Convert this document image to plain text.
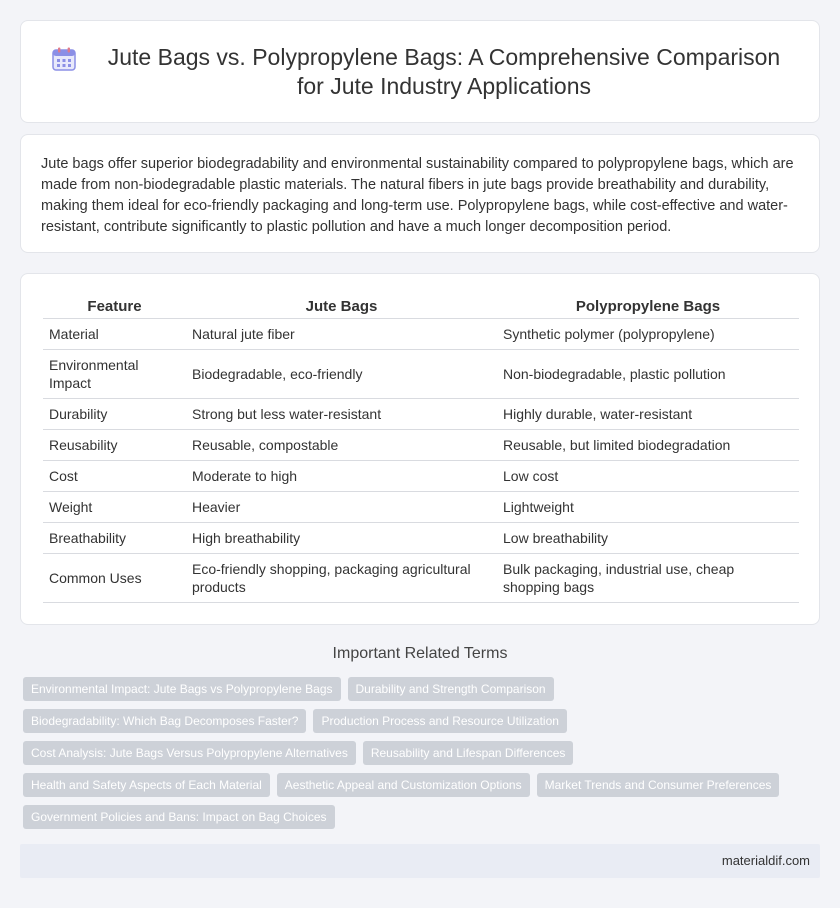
Jute Bags vs. Polypropylene Bags: A Comprehensive Comparison for Jute Industry Applications

Jute bags offer superior biodegradability and environmental sustainability compared to polypropylene bags, which are made from non-biodegradable plastic materials. The natural fibers in jute bags provide breathability and durability, making them ideal for eco-friendly packaging and long-term use. Polypropylene bags, while cost-effective and water-resistant, contribute significantly to plastic pollution and have a much longer decomposition period.

Feature	Jute Bags	Polypropylene Bags
Material	Natural jute fiber	Synthetic polymer (polypropylene)
Environmental Impact	Biodegradable, eco-friendly	Non-biodegradable, plastic pollution
Durability	Strong but less water-resistant	Highly durable, water-resistant
Reusability	Reusable, compostable	Reusable, but limited biodegradation
Cost	Moderate to high	Low cost
Weight	Heavier	Lightweight
Breathability	High breathability	Low breathability
Common Uses	Eco-friendly shopping, packaging agricultural products	Bulk packaging, industrial use, cheap shopping bags
Important Related Terms
Environmental Impact: Jute Bags vs Polypropylene Bags	Durability and Strength Comparison
Biodegradability: Which Bag Decomposes Faster?	Production Process and Resource Utilization
Cost Analysis: Jute Bags Versus Polypropylene Alternatives	Reusability and Lifespan Differences
Health and Safety Aspects of Each Material	Aesthetic Appeal and Customization Options	Market Trends and Consumer Preferences
Government Policies and Bans: Impact on Bag Choices
materialdif.com
